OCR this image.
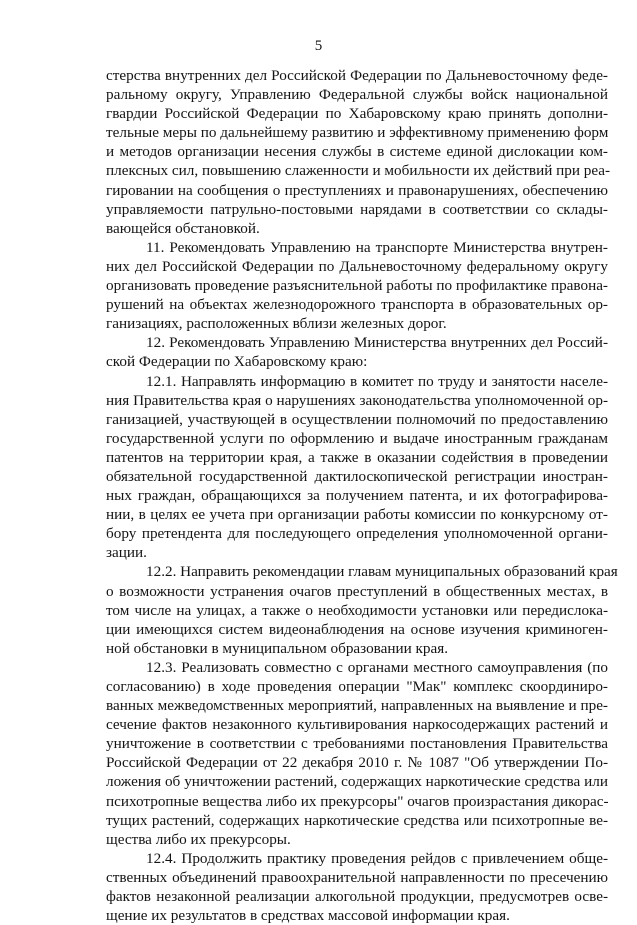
5
стерства внутренних дел Российской Федерации по Дальневосточному феде-
ральному округу, Управлению Федеральной службы войск национальной
гвардии Российской Федерации по Хабаровскому краю принять дополни-
тельные меры по дальнейшему развитию и эффективному применению форм
и методов организации несения службы в системе единой дислокации ком-
плексных сил, повышению слаженности и мобильности их действий при реа-
гировании на сообщения о преступлениях и правонарушениях, обеспечению
управляемости патрульно-постовыми нарядами в соответствии со склады-
вающейся обстановкой.
11. Рекомендовать Управлению на транспорте Министерства внутрен-
них дел Российской Федерации по Дальневосточному федеральному округу
организовать проведение разъяснительной работы по профилактике правона-
рушений на объектах железнодорожного транспорта в образовательных ор-
ганизациях, расположенных вблизи железных дорог.
12. Рекомендовать Управлению Министерства внутренних дел Россий-
ской Федерации по Хабаровскому краю:
12.1. Направлять информацию в комитет по труду и занятости населе-
ния Правительства края о нарушениях законодательства уполномоченной ор-
ганизацией, участвующей в осуществлении полномочий по предоставлению
государственной услуги по оформлению и выдаче иностранным гражданам
патентов на территории края, а также в оказании содействия в проведении
обязательной государственной дактилоскопической регистрации иностран-
ных граждан, обращающихся за получением патента, и их фотографирова-
нии, в целях ее учета при организации работы комиссии по конкурсному от-
бору претендента для последующего определения уполномоченной органи-
зации.
12.2. Направить рекомендации главам муниципальных образований края
о возможности устранения очагов преступлений в общественных местах, в
том числе на улицах, а также о необходимости установки или передислока-
ции имеющихся систем видеонаблюдения на основе изучения криминоген-
ной обстановки в муниципальном образовании края.
12.3. Реализовать совместно с органами местного самоуправления (по
согласованию) в ходе проведения операции "Мак" комплекс скоординиро-
ванных межведомственных мероприятий, направленных на выявление и пре-
сечение фактов незаконного культивирования наркосодержащих растений и
уничтожение в соответствии с требованиями постановления Правительства
Российской Федерации от 22 декабря 2010 г. № 1087 "Об утверждении По-
ложения об уничтожении растений, содержащих наркотические средства или
психотропные вещества либо их прекурсоры" очагов произрастания дикорас-
тущих растений, содержащих наркотические средства или психотропные ве-
щества либо их прекурсоры.
12.4. Продолжить практику проведения рейдов с привлечением обще-
ственных объединений правоохранительной направленности по пресечению
фактов незаконной реализации алкогольной продукции, предусмотрев осве-
щение их результатов в средствах массовой информации края.
